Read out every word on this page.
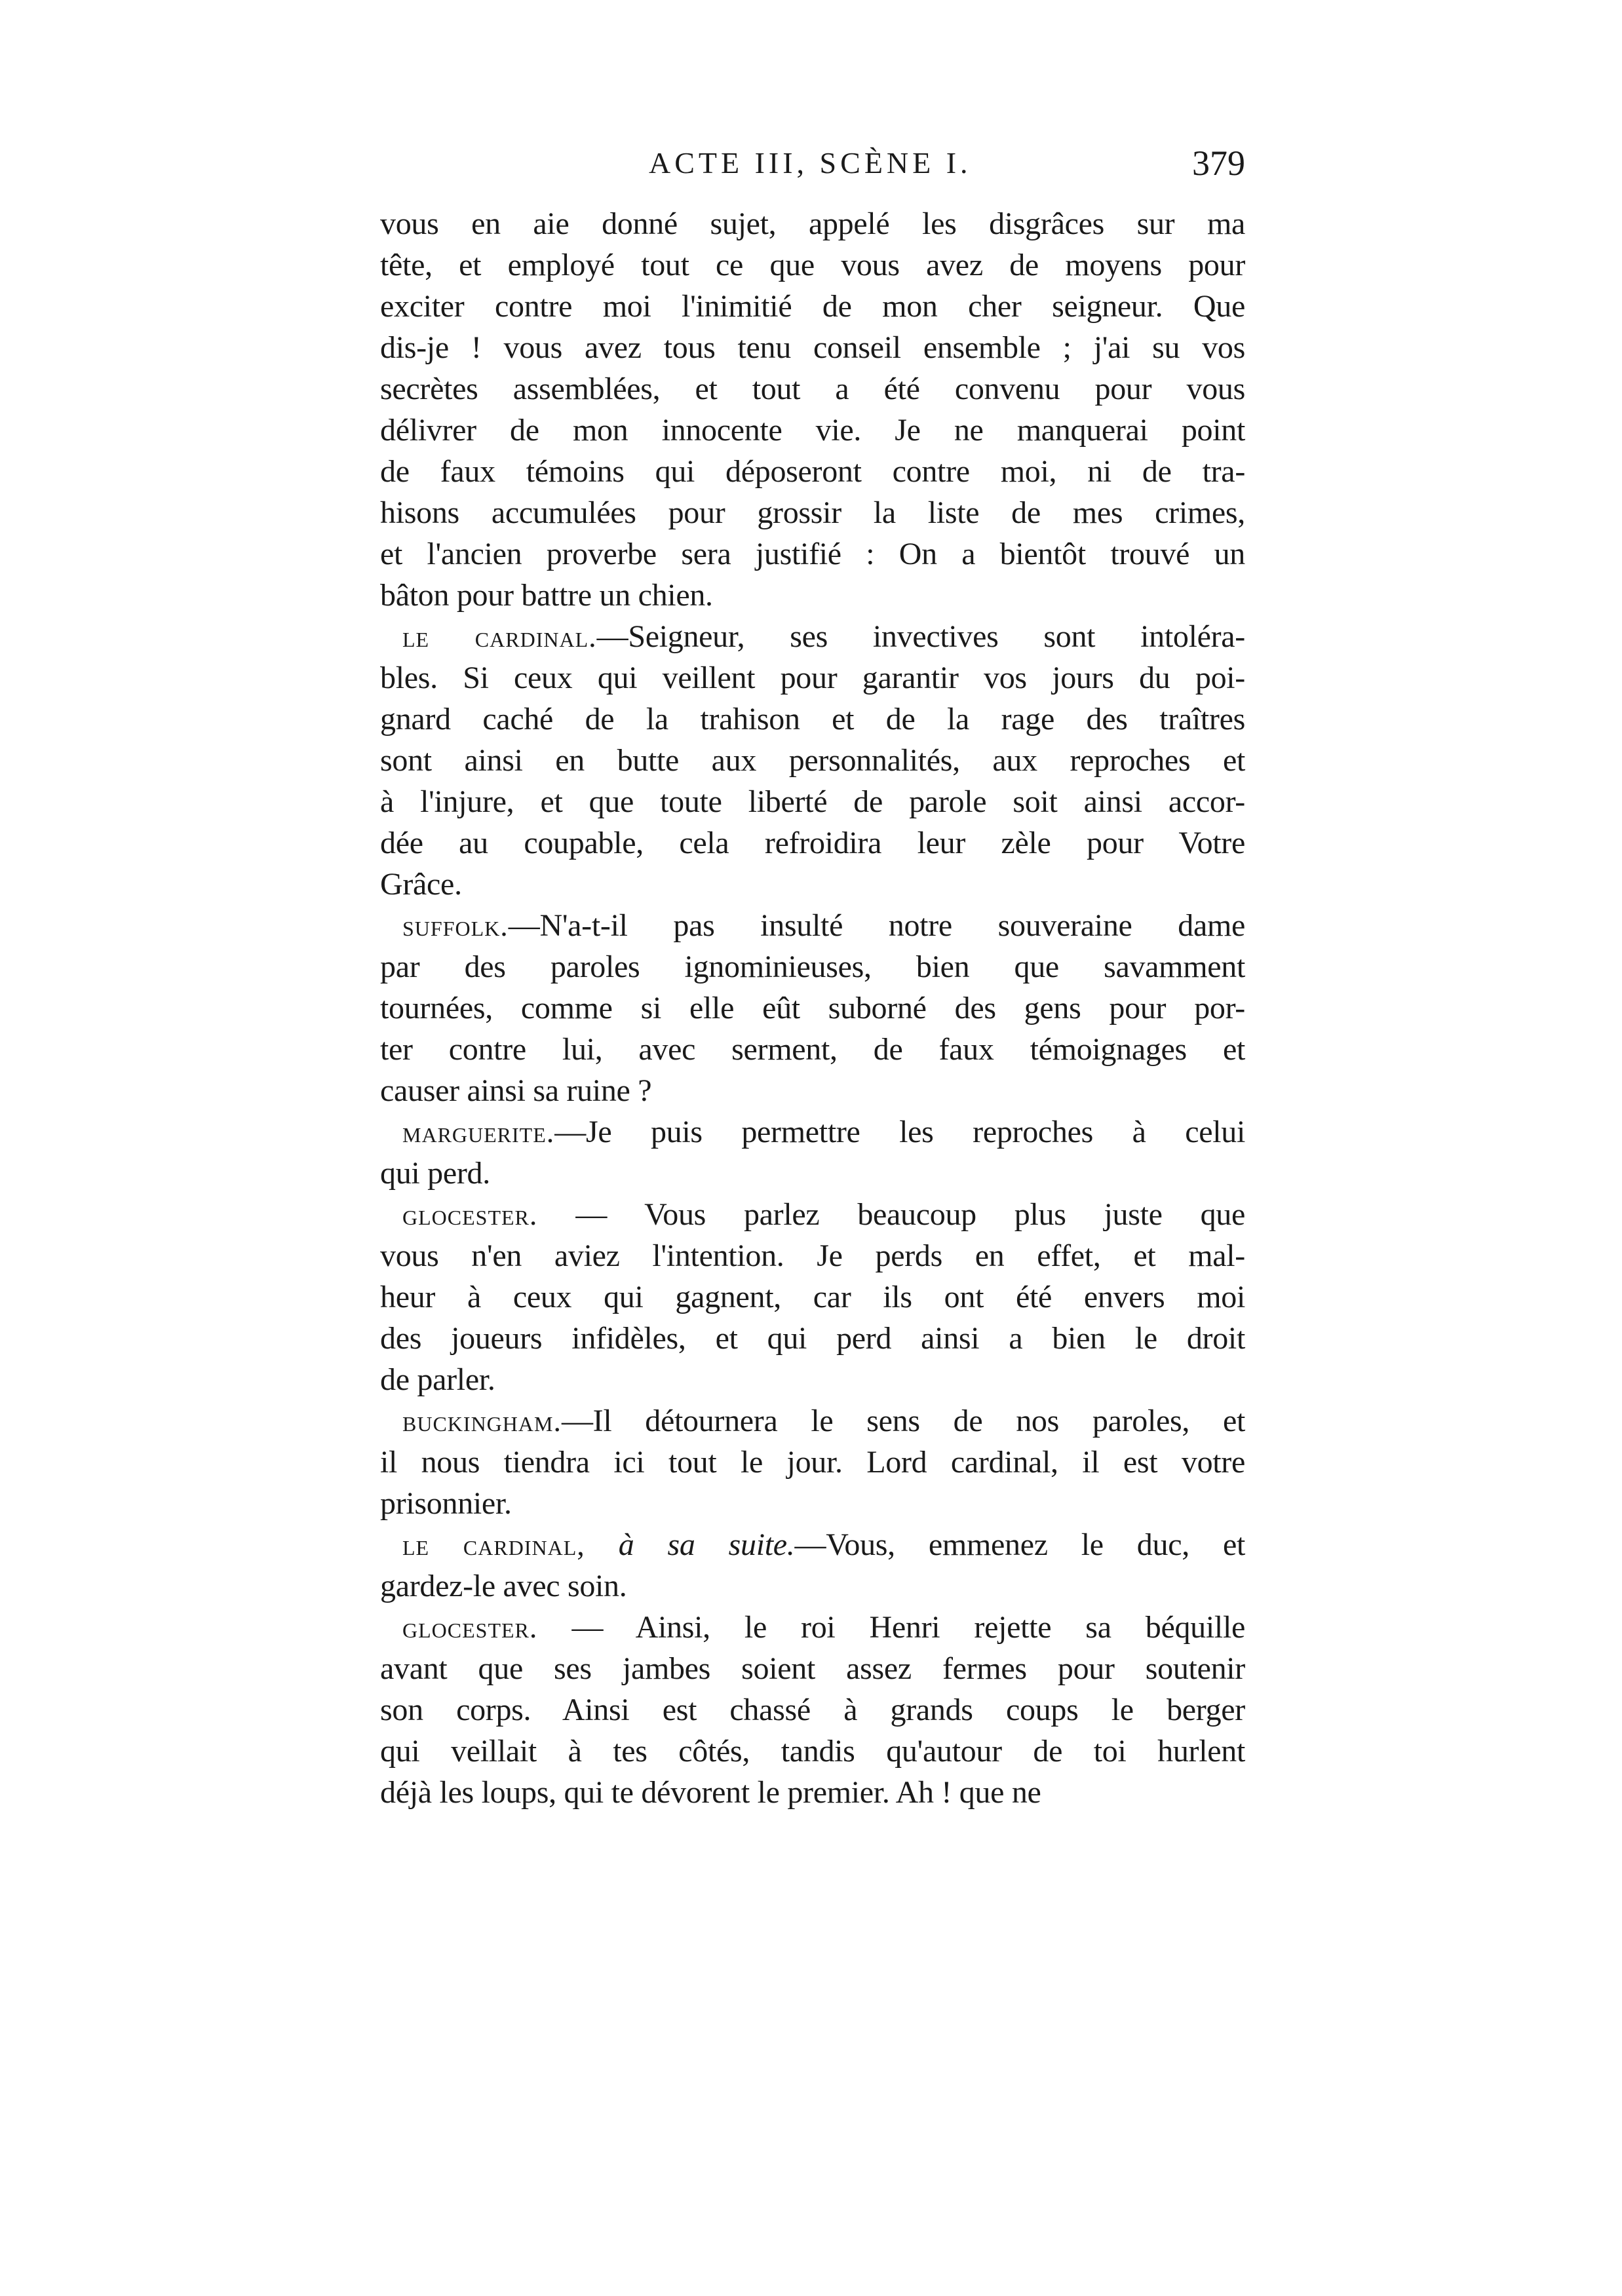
ACTE III, SCÈNE I.	379
vous en aie donné sujet, appelé les disgrâces sur ma
tête, et employé tout ce que vous avez de moyens pour
exciter contre moi l'inimitié de mon cher seigneur. Que
dis-je ! vous avez tous tenu conseil ensemble ; j'ai su vos
secrètes assemblées, et tout a été convenu pour vous
délivrer de mon innocente vie. Je ne manquerai point
de faux témoins qui déposeront contre moi, ni de tra-
hisons accumulées pour grossir la liste de mes crimes,
et l'ancien proverbe sera justifié : On a bientôt trouvé un
bâton pour battre un chien.
le cardinal.—Seigneur, ses invectives sont intoléra-
bles. Si ceux qui veillent pour garantir vos jours du poi-
gnard caché de la trahison et de la rage des traîtres
sont ainsi en butte aux personnalités, aux reproches et
à l'injure, et que toute liberté de parole soit ainsi accor-
dée au coupable, cela refroidira leur zèle pour Votre
Grâce.
suffolk.—N'a-t-il pas insulté notre souveraine dame
par des paroles ignominieuses, bien que savamment
tournées, comme si elle eût suborné des gens pour por-
ter contre lui, avec serment, de faux témoignages et
causer ainsi sa ruine ?
marguerite.—Je puis permettre les reproches à celui
qui perd.
glocester. — Vous parlez beaucoup plus juste que
vous n'en aviez l'intention. Je perds en effet, et mal-
heur à ceux qui gagnent, car ils ont été envers moi
des joueurs infidèles, et qui perd ainsi a bien le droit
de parler.
buckingham.—Il détournera le sens de nos paroles, et
il nous tiendra ici tout le jour. Lord cardinal, il est votre
prisonnier.
le cardinal, à sa suite.—Vous, emmenez le duc, et
gardez-le avec soin.
glocester. — Ainsi, le roi Henri rejette sa béquille
avant que ses jambes soient assez fermes pour soutenir
son corps. Ainsi est chassé à grands coups le berger
qui veillait à tes côtés, tandis qu'autour de toi hurlent
déjà les loups, qui te dévorent le premier. Ah ! que ne
